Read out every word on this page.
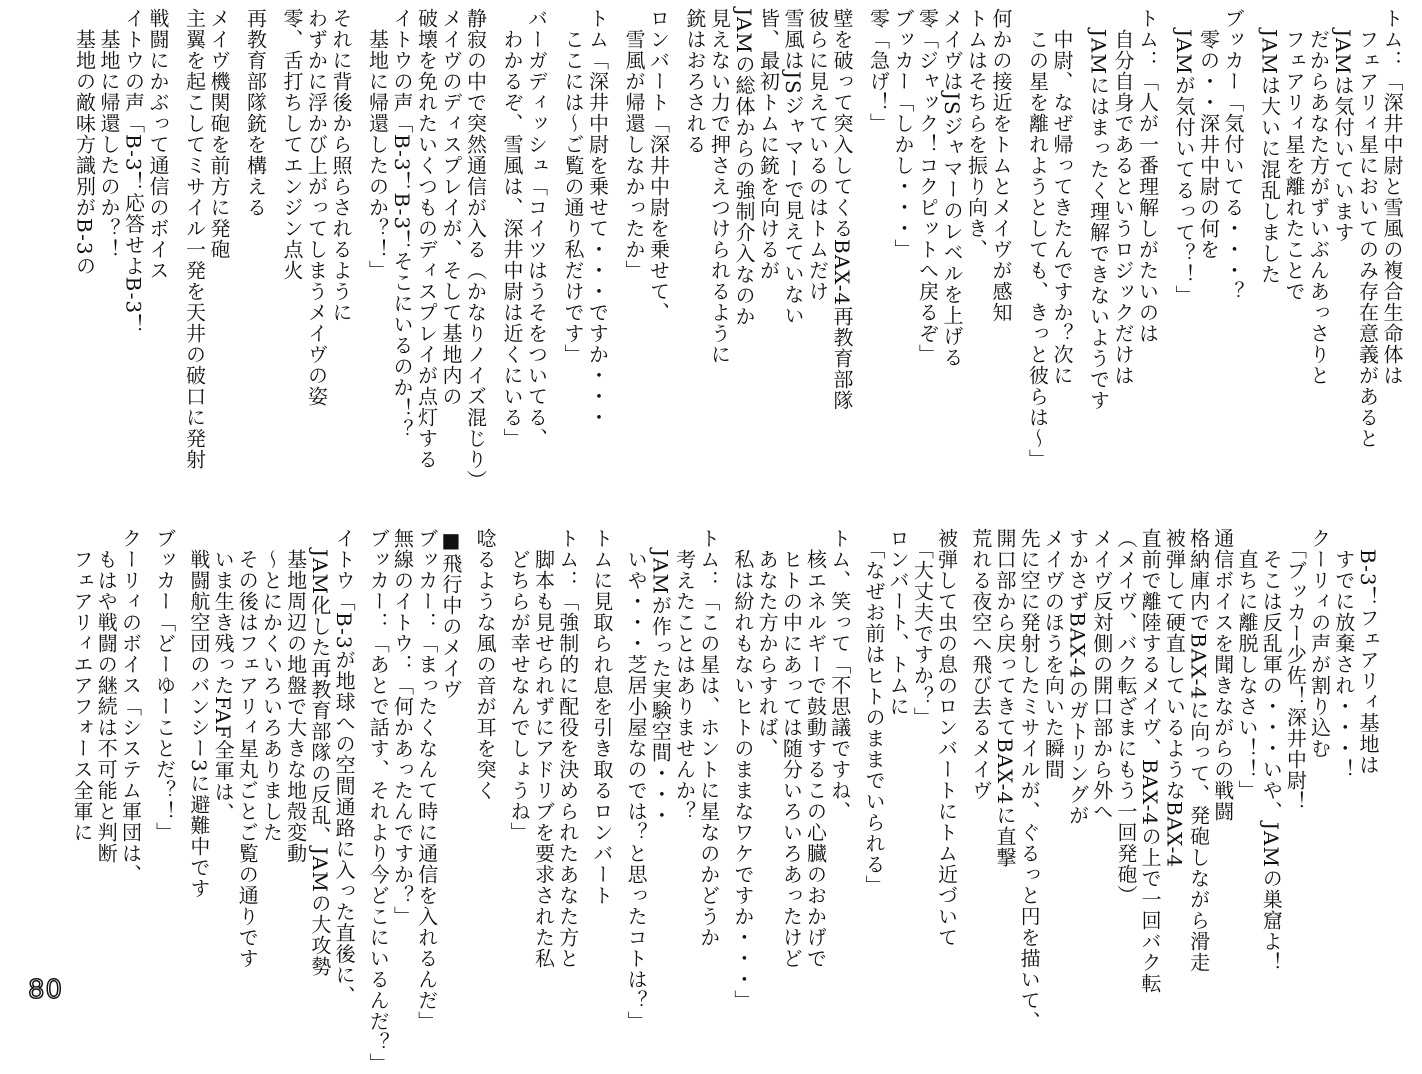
トム：「深井中尉と雪風の複合生命体は
　フェアリィ星においてのみ存在意義があると
　JAMは気付いています
　だからあなた方がずいぶんあっさりと
　フェアリィ星を離れたことで
　JAMは大いに混乱しました

ブッカー「気付いてる・・・？
　零の・・深井中尉の何を
　JAMが気付いてるって？！」

トム：「人が一番理解しがたいのは
　自分自身であるというロジックだけは
　JAMにはまったく理解できないようです

　中尉、なぜ帰ってきたんですか？次に
　この星を離れようとしても、きっと彼らは～」

何かの接近をトムとメイヴが感知
トムはそちらを振り向き、
メイヴはJSジャマーのレベルを上げる
零「ジャック！コクピットへ戻るぞ」
ブッカー「しかし・・・」
零「急げ！」

壁を破って突入してくるBAX-4再教育部隊
彼らに見えているのはトムだけ
雪風はJSジャマーで見えていない
皆、最初トムに銃を向けるが
JAMの総体からの強制介入なのか
見えない力で押さえつけられるように
銃はおろされる

ロンバート「深井中尉を乗せて、
　雪風が帰還しなかったか」

トム「深井中尉を乗せて・・・ですか・・・
　ここには～ご覧の通り私だけです」

バーガディッシュ「コイツはうそをついてる、
　わかるぞ、雪風は、深井中尉は近くにいる」

静寂の中で突然通信が入る（かなりノイズ混じり）
メイヴのディスプレイが、そして基地内の
破壊を免れたいくつものディスプレイが点灯する
イトウの声「B-3！B-3！そこにいるのか！？
　基地に帰還したのか？！」

それに背後から照らされるように
わずかに浮かび上がってしまうメイヴの姿
零、舌打ちしてエンジン点火

再教育部隊銃を構える

メイヴ機関砲を前方に発砲
主翼を起こしてミサイル一発を天井の破口に発射

戦闘にかぶって通信のボイス
イトウの声「B-3！応答せよB-3！
　基地に帰還したのか？！
　基地の敵味方識別がB-3の
　B-3！フェアリィ基地は
　すでに放棄され・・・！
クーリィの声が割り込む
　「ブッカー少佐！深井中尉！
　そこは反乱軍の・・・いや、JAMの巣窟よ！
　直ちに離脱しなさい！！」
通信ボイスを聞きながらの戦闘
格納庫内でBAX-4に向って、発砲しながら滑走
被弾して硬直しているようなBAX-4
直前で離陸するメイヴ、BAX-4の上で一回バク転
（メイヴ、バク転ざまにもう一回発砲）
メイヴ反対側の開口部から外へ
すかさずBAX-4のガトリングが
メイヴのほうを向いた瞬間
先に空に発射したミサイルが、ぐるっと円を描いて、
開口部から戻ってきてBAX-4に直撃
荒れる夜空へ飛び去るメイヴ

被弾して虫の息のロンバートにトム近づいて
　「大丈夫ですか？」
ロンバート、トムに
　「なぜお前はヒトのままでいられる」

トム、笑って「不思議ですね、
　核エネルギーで鼓動するこの心臓のおかげで
　ヒトの中にあっては随分いろいろあったけど
　あなた方からすれば、
　私は紛れもないヒトのままなワケですか・・・」

トム：「この星は、ホントに星なのかどうか
　考えたことはありませんか？
　JAMが作った実験空間・・・
　いや・・・芝居小屋なのでは？と思ったコトは？」

トムに見取られ息を引き取るロンバート

トム：「強制的に配役を決められたあなた方と
　脚本も見せられずにアドリブを要求された私
　どちらが幸せなんでしょうね」

唸るような風の音が耳を突く

■飛行中のメイヴ
ブッカー：「まったくなんて時に通信を入れるんだ」
無線のイトウ：「何かあったんですか？」
ブッカー：「あとで話す、それより今どこにいるんだ？」

イトウ「B-3が地球への空間通路に入った直後に、
　JAM化した再教育部隊の反乱、JAMの大攻勢
　基地周辺の地盤で大きな地殻変動
　～とにかくいろいろありました
　その後はフェアリィ星丸ごとご覧の通りです
　いま生き残ったFAF全軍は、
　戦闘航空団のバンシー3に避難中です

ブッカー「どーゆーことだ？！」

クーリィのボイス「システム軍団は、
　もはや戦闘の継続は不可能と判断
　フェアリィエアフォース全軍に
80
